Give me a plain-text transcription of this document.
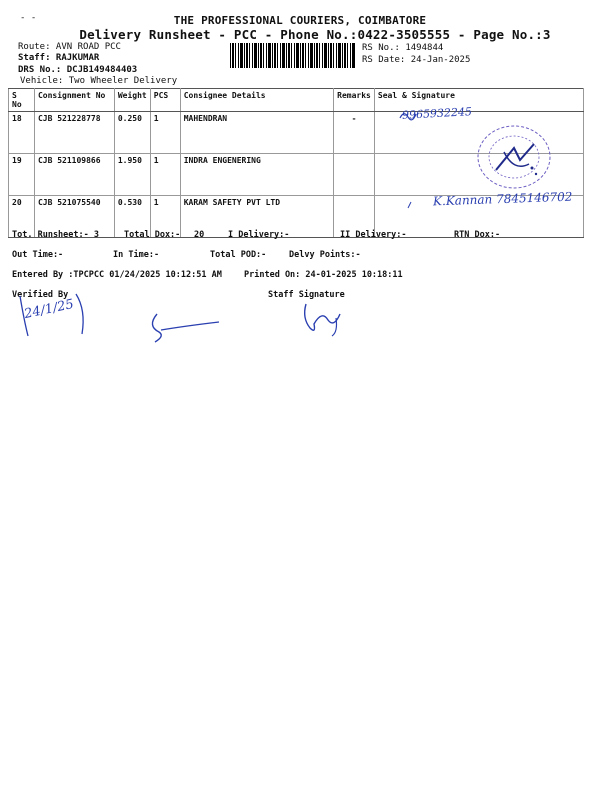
- -	THE PROFESSIONAL COURIERS, COIMBATORE
Delivery Runsheet - PCC - Phone No.:0422-3505555 - Page No.:3
Route: AVN ROAD PCC
Staff: RAJKUMAR
DRS No.: DCJB149484403
Vehicle: Two Wheeler Delivery
RS No.: 1494844
RS Date: 24-Jan-2025
S No	Consignment No	Weight	PCS	Consignee Details	Remarks	Seal & Signature
18	CJB 521228778	0.250	1	MAHENDRAN	-	
19	CJB 521109866	1.950	1	INDRA ENGENERING		
20	CJB 521075540	0.530	1	KARAM SAFETY PVT LTD		
9965932245
K.Kannan 7845146702
Tot. Runsheet:- 3	Total Dox:- 20	I Delivery:-	II Delivery:-	RTN Dox:-
Out Time:-	In Time:-	Total POD:-	Delvy Points:-
Entered By :TPCPCC 01/24/2025 10:12:51 AM	Printed On: 24-01-2025 10:18:11
Verified By	Staff Signature
24/1/25
